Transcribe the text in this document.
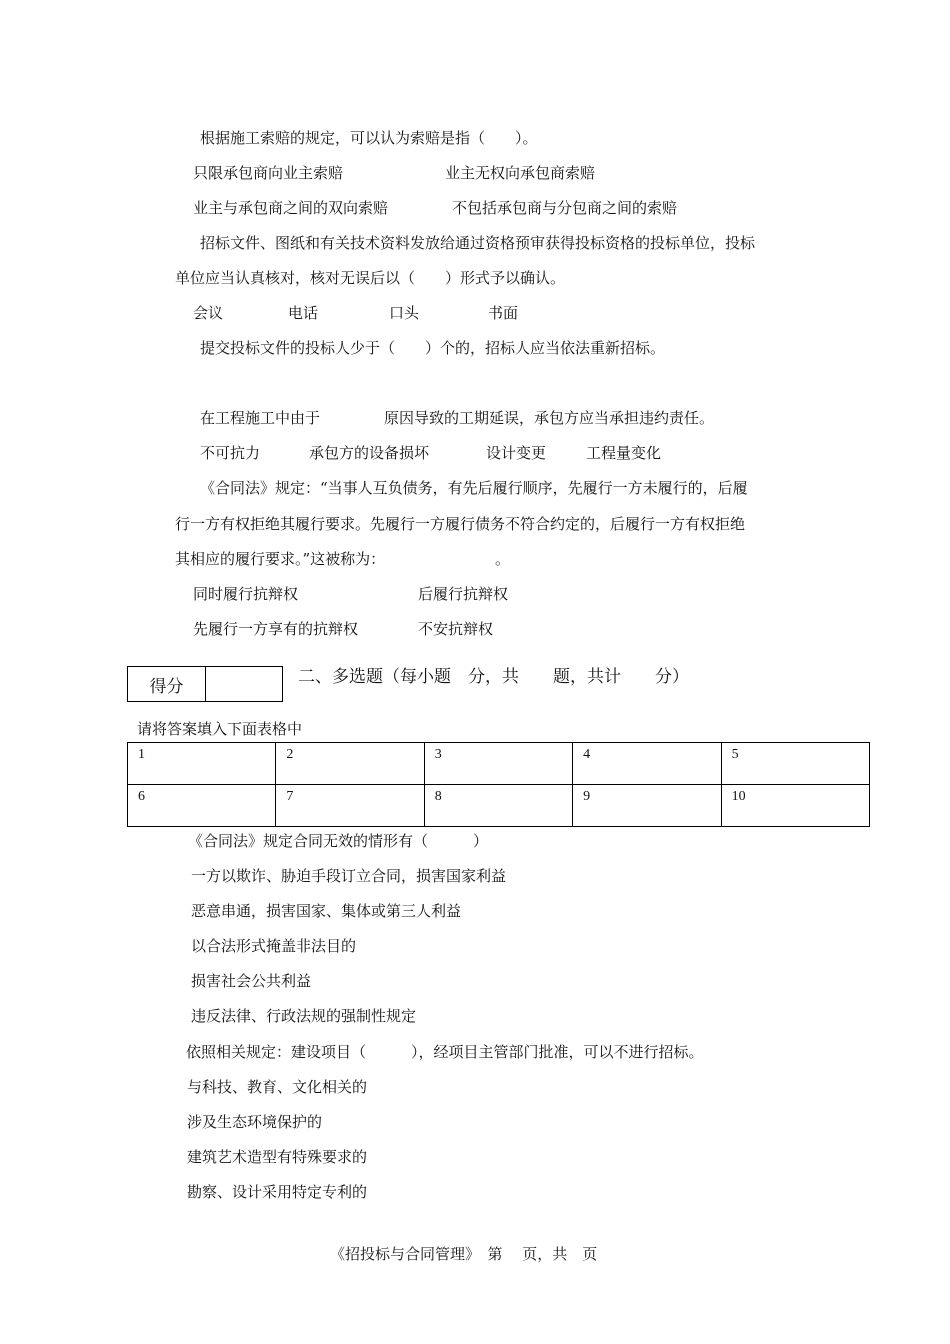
根据施工索赔的规定，可以认为索赔是指（　　）。
只限承包商向业主索赔	业主无权向承包商索赔
业主与承包商之间的双向索赔	不包括承包商与分包商之间的索赔
招标文件、图纸和有关技术资料发放给通过资格预审获得投标资格的投标单位，投标
单位应当认真核对，核对无误后以（　　）形式予以确认。
会议	电话	口头	书面
提交投标文件的投标人少于（　　）个的，招标人应当依法重新招标。
在工程施工中由于	原因导致的工期延误，承包方应当承担违约责任。
不可抗力	承包方的设备损坏	设计变更	工程量变化
《合同法》规定：“当事人互负债务，有先后履行顺序，先履行一方未履行的，后履
行一方有权拒绝其履行要求。先履行一方履行债务不符合约定的，后履行一方有权拒绝
其相应的履行要求。”这被称为：	。
同时履行抗辩权	后履行抗辩权
先履行一方享有的抗辩权	不安抗辩权
得分	二、多选题（每小题　分，共　　题，共计　　分）
请将答案填入下面表格中
1	2	3	4	5
6	7	8	9	10
《合同法》规定合同无效的情形有（　　　）
一方以欺诈、胁迫手段订立合同，损害国家利益
恶意串通，损害国家、集体或第三人利益
以合法形式掩盖非法目的
损害社会公共利益
违反法律、行政法规的强制性规定
依照相关规定：建设项目（　　　），经项目主管部门批准，可以不进行招标。
与科技、教育、文化相关的
涉及生态环境保护的
建筑艺术造型有特殊要求的
勘察、设计采用特定专利的
《招投标与合同管理》　第　 页，共　页
